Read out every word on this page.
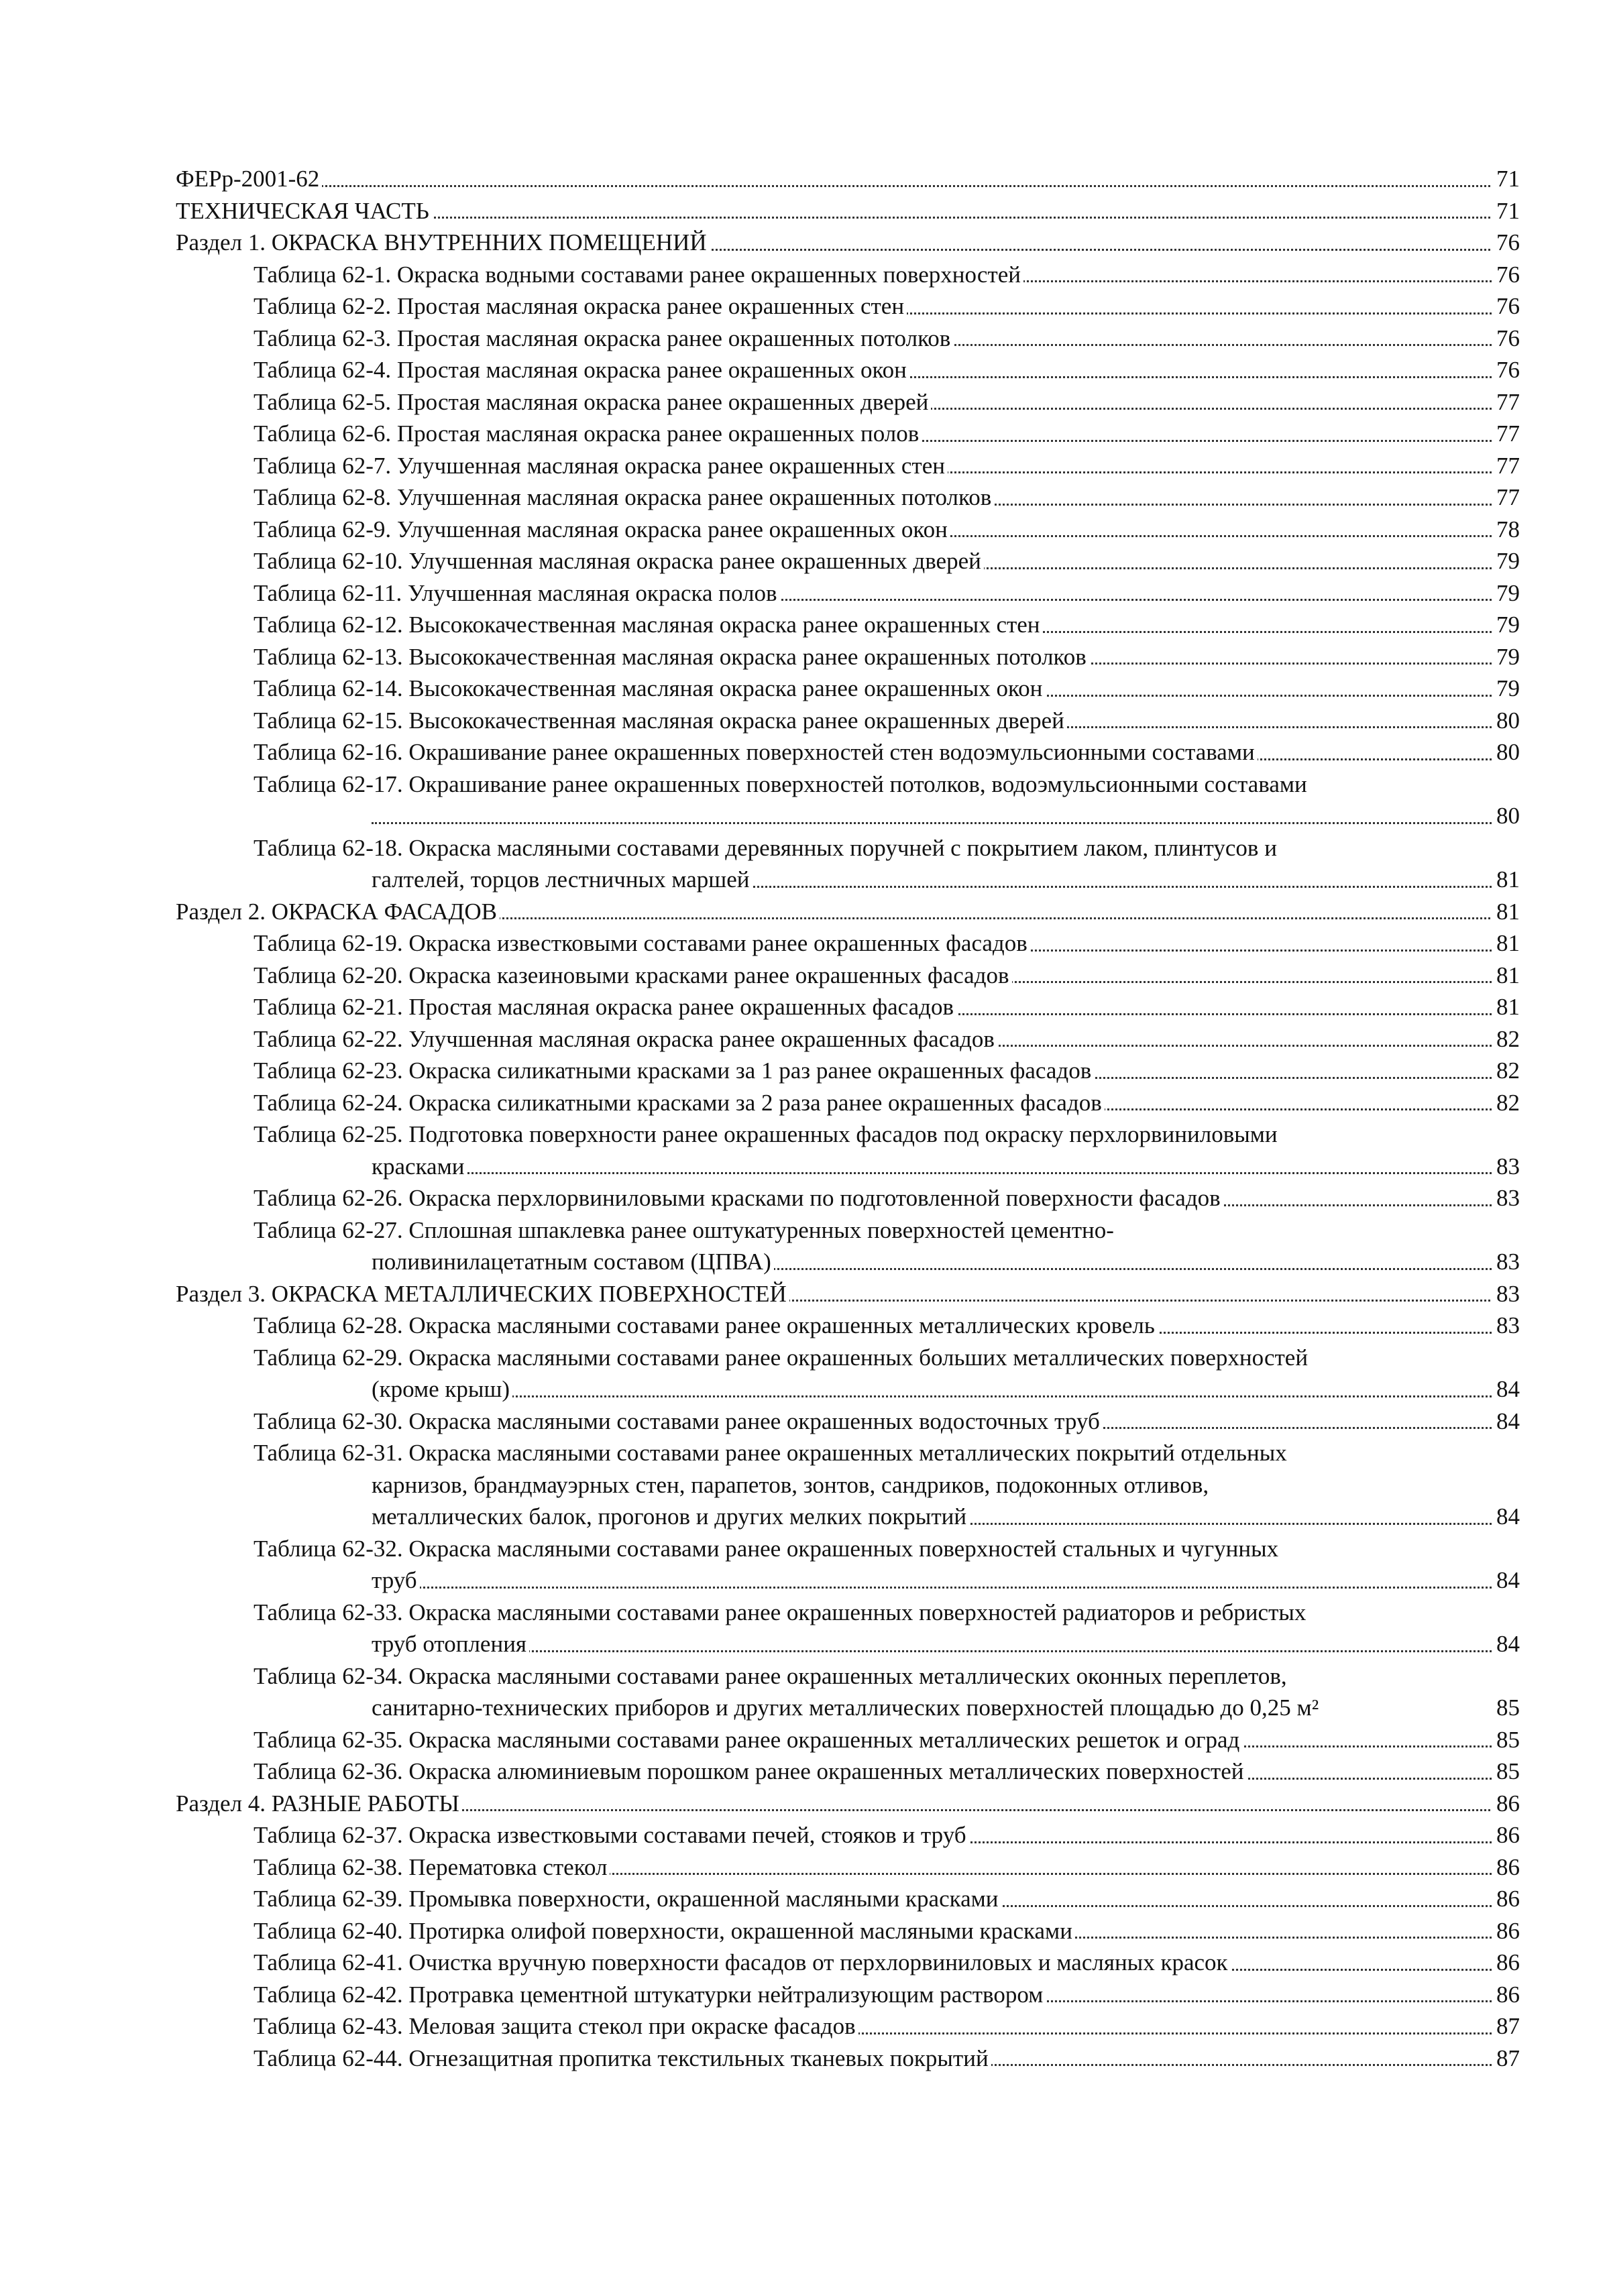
ФЕРр-2001-62	71
ТЕХНИЧЕСКАЯ ЧАСТЬ	71
Раздел 1. ОКРАСКА ВНУТРЕННИХ ПОМЕЩЕНИЙ	76
Таблица 62-1. Окраска водными составами ранее окрашенных поверхностей	76
Таблица 62-2. Простая масляная окраска ранее окрашенных стен	76
Таблица 62-3. Простая масляная окраска ранее окрашенных потолков	76
Таблица 62-4. Простая масляная окраска ранее окрашенных окон	76
Таблица 62-5. Простая масляная окраска ранее окрашенных дверей	77
Таблица 62-6. Простая масляная окраска ранее окрашенных полов	77
Таблица 62-7. Улучшенная масляная окраска ранее окрашенных стен	77
Таблица 62-8. Улучшенная масляная окраска ранее окрашенных потолков	77
Таблица 62-9. Улучшенная масляная окраска ранее окрашенных окон	78
Таблица 62-10. Улучшенная масляная окраска ранее окрашенных дверей	79
Таблица 62-11. Улучшенная масляная окраска полов	79
Таблица 62-12. Высококачественная масляная окраска ранее окрашенных стен	79
Таблица 62-13. Высококачественная масляная окраска ранее окрашенных потолков	79
Таблица 62-14. Высококачественная масляная окраска ранее окрашенных окон	79
Таблица 62-15. Высококачественная масляная окраска ранее окрашенных дверей	80
Таблица 62-16. Окрашивание ранее окрашенных поверхностей стен водоэмульсионными составами	80
Таблица 62-17. Окрашивание ранее окрашенных поверхностей потолков, водоэмульсионными составами
80
Таблица 62-18. Окраска масляными составами деревянных поручней с покрытием лаком, плинтусов и
галтелей, торцов лестничных маршей	81
Раздел 2. ОКРАСКА ФАСАДОВ	81
Таблица 62-19. Окраска известковыми составами ранее окрашенных фасадов	81
Таблица 62-20. Окраска казеиновыми красками ранее окрашенных фасадов	81
Таблица 62-21. Простая масляная окраска ранее окрашенных фасадов	81
Таблица 62-22. Улучшенная масляная окраска ранее окрашенных фасадов	82
Таблица 62-23. Окраска силикатными красками за 1 раз ранее окрашенных фасадов	82
Таблица 62-24. Окраска силикатными красками за 2 раза ранее окрашенных фасадов	82
Таблица 62-25. Подготовка поверхности ранее окрашенных фасадов под окраску перхлорвиниловыми
красками	83
Таблица 62-26. Окраска перхлорвиниловыми красками по подготовленной поверхности фасадов	83
Таблица 62-27. Сплошная шпаклевка ранее оштукатуренных поверхностей цементно-
поливинилацетатным составом (ЦПВА)	83
Раздел 3. ОКРАСКА МЕТАЛЛИЧЕСКИХ ПОВЕРХНОСТЕЙ	83
Таблица 62-28. Окраска масляными составами ранее окрашенных металлических кровель	83
Таблица 62-29. Окраска масляными составами ранее окрашенных больших металлических поверхностей
(кроме крыш)	84
Таблица 62-30. Окраска масляными составами ранее окрашенных водосточных труб	84
Таблица 62-31. Окраска масляными составами ранее окрашенных металлических покрытий отдельных
карнизов, брандмауэрных стен, парапетов, зонтов, сандриков, подоконных отливов,
металлических балок, прогонов и других мелких покрытий	84
Таблица 62-32. Окраска масляными составами ранее окрашенных поверхностей стальных и чугунных
труб	84
Таблица 62-33. Окраска масляными составами ранее окрашенных поверхностей радиаторов и ребристых
труб отопления	84
Таблица 62-34. Окраска масляными составами ранее окрашенных металлических оконных переплетов,
санитарно-технических приборов и других металлических поверхностей площадью до 0,25 м²	85
Таблица 62-35. Окраска масляными составами ранее окрашенных металлических решеток и оград	85
Таблица 62-36. Окраска алюминиевым порошком ранее окрашенных металлических поверхностей	85
Раздел 4. РАЗНЫЕ РАБОТЫ	86
Таблица 62-37. Окраска известковыми составами печей, стояков и труб	86
Таблица 62-38. Перематовка стекол	86
Таблица 62-39. Промывка поверхности, окрашенной масляными красками	86
Таблица 62-40. Протирка олифой поверхности, окрашенной масляными красками	86
Таблица 62-41. Очистка вручную поверхности фасадов от перхлорвиниловых и масляных красок	86
Таблица 62-42. Протравка цементной штукатурки нейтрализующим раствором	86
Таблица 62-43. Меловая защита стекол при окраске фасадов	87
Таблица 62-44. Огнезащитная пропитка текстильных тканевых покрытий	87
